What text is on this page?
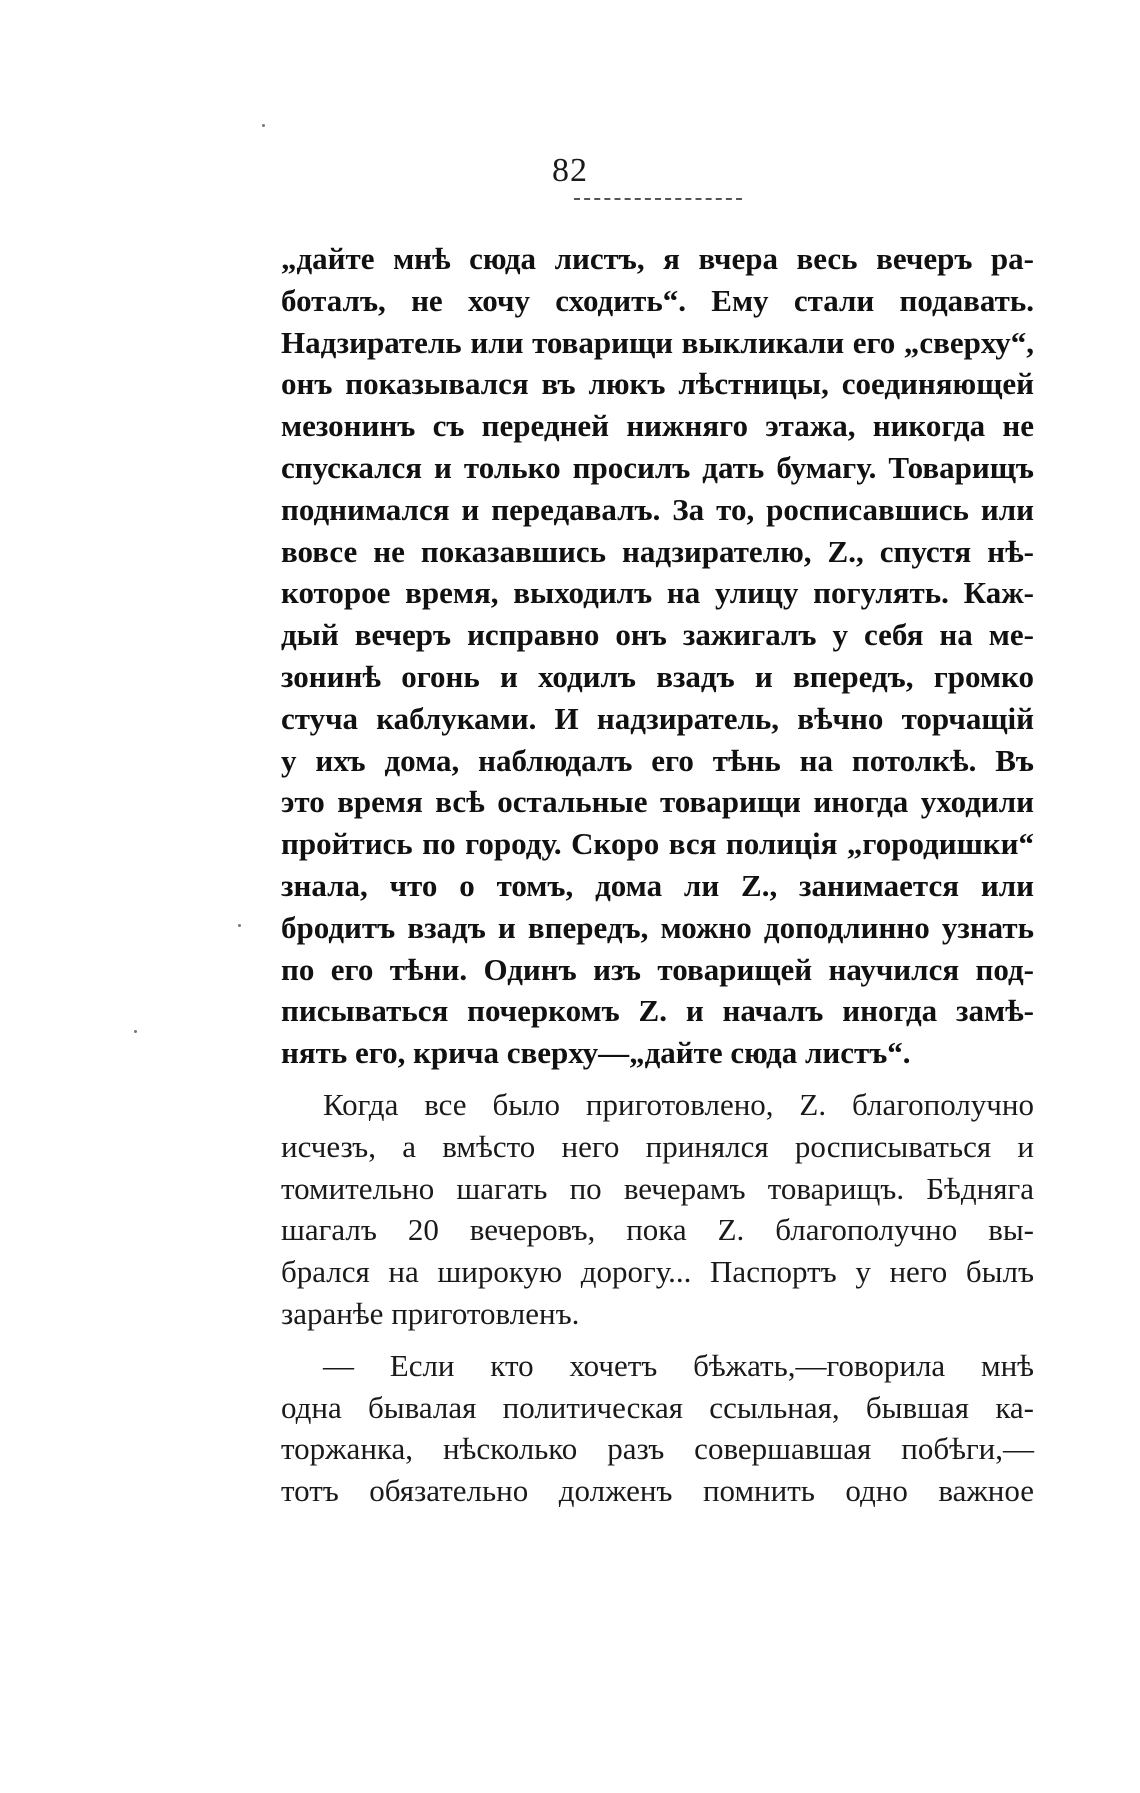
82
„дайте мнѣ сюда листъ, я вчера весь вечеръ ра-
боталъ, не хочу сходить“. Ему стали подавать.
Надзиратель или товарищи выкликали его „сверху“,
онъ показывался въ люкъ лѣстницы, соединяющей
мезонинъ съ передней нижняго этажа, никогда не
спускался и только просилъ дать бумагу. Товарищъ
поднимался и передавалъ. За то, росписавшись или
вовсе не показавшись надзирателю, Z., спустя нѣ-
которое время, выходилъ на улицу погулять. Каж-
дый вечеръ исправно онъ зажигалъ у себя на ме-
зонинѣ огонь и ходилъ взадъ и впередъ, громко
стуча каблуками. И надзиратель, вѣчно торчащій
у ихъ дома, наблюдалъ его тѣнь на потолкѣ. Въ
это время всѣ остальные товарищи иногда уходили
пройтись по городу. Скоро вся полиція „городишки“
знала, что о томъ, дома ли Z., занимается или
бродитъ взадъ и впередъ, можно доподлинно узнать
по его тѣни. Одинъ изъ товарищей научился под-
писываться почеркомъ Z. и началъ иногда замѣ-
нять его, крича сверху—„дайте сюда листъ“.
Когда все было приготовлено, Z. благополучно
исчезъ, а вмѣсто него принялся росписываться и
томительно шагать по вечерамъ товарищъ. Бѣдняга
шагалъ 20 вечеровъ, пока Z. благополучно вы-
брался на широкую дорогу... Паспортъ у него былъ
заранѣе приготовленъ.
— Если кто хочетъ бѣжать,—говорила мнѣ
одна бывалая политическая ссыльная, бывшая ка-
торжанка, нѣсколько разъ совершавшая побѣги,—
тотъ обязательно долженъ помнить одно важное
